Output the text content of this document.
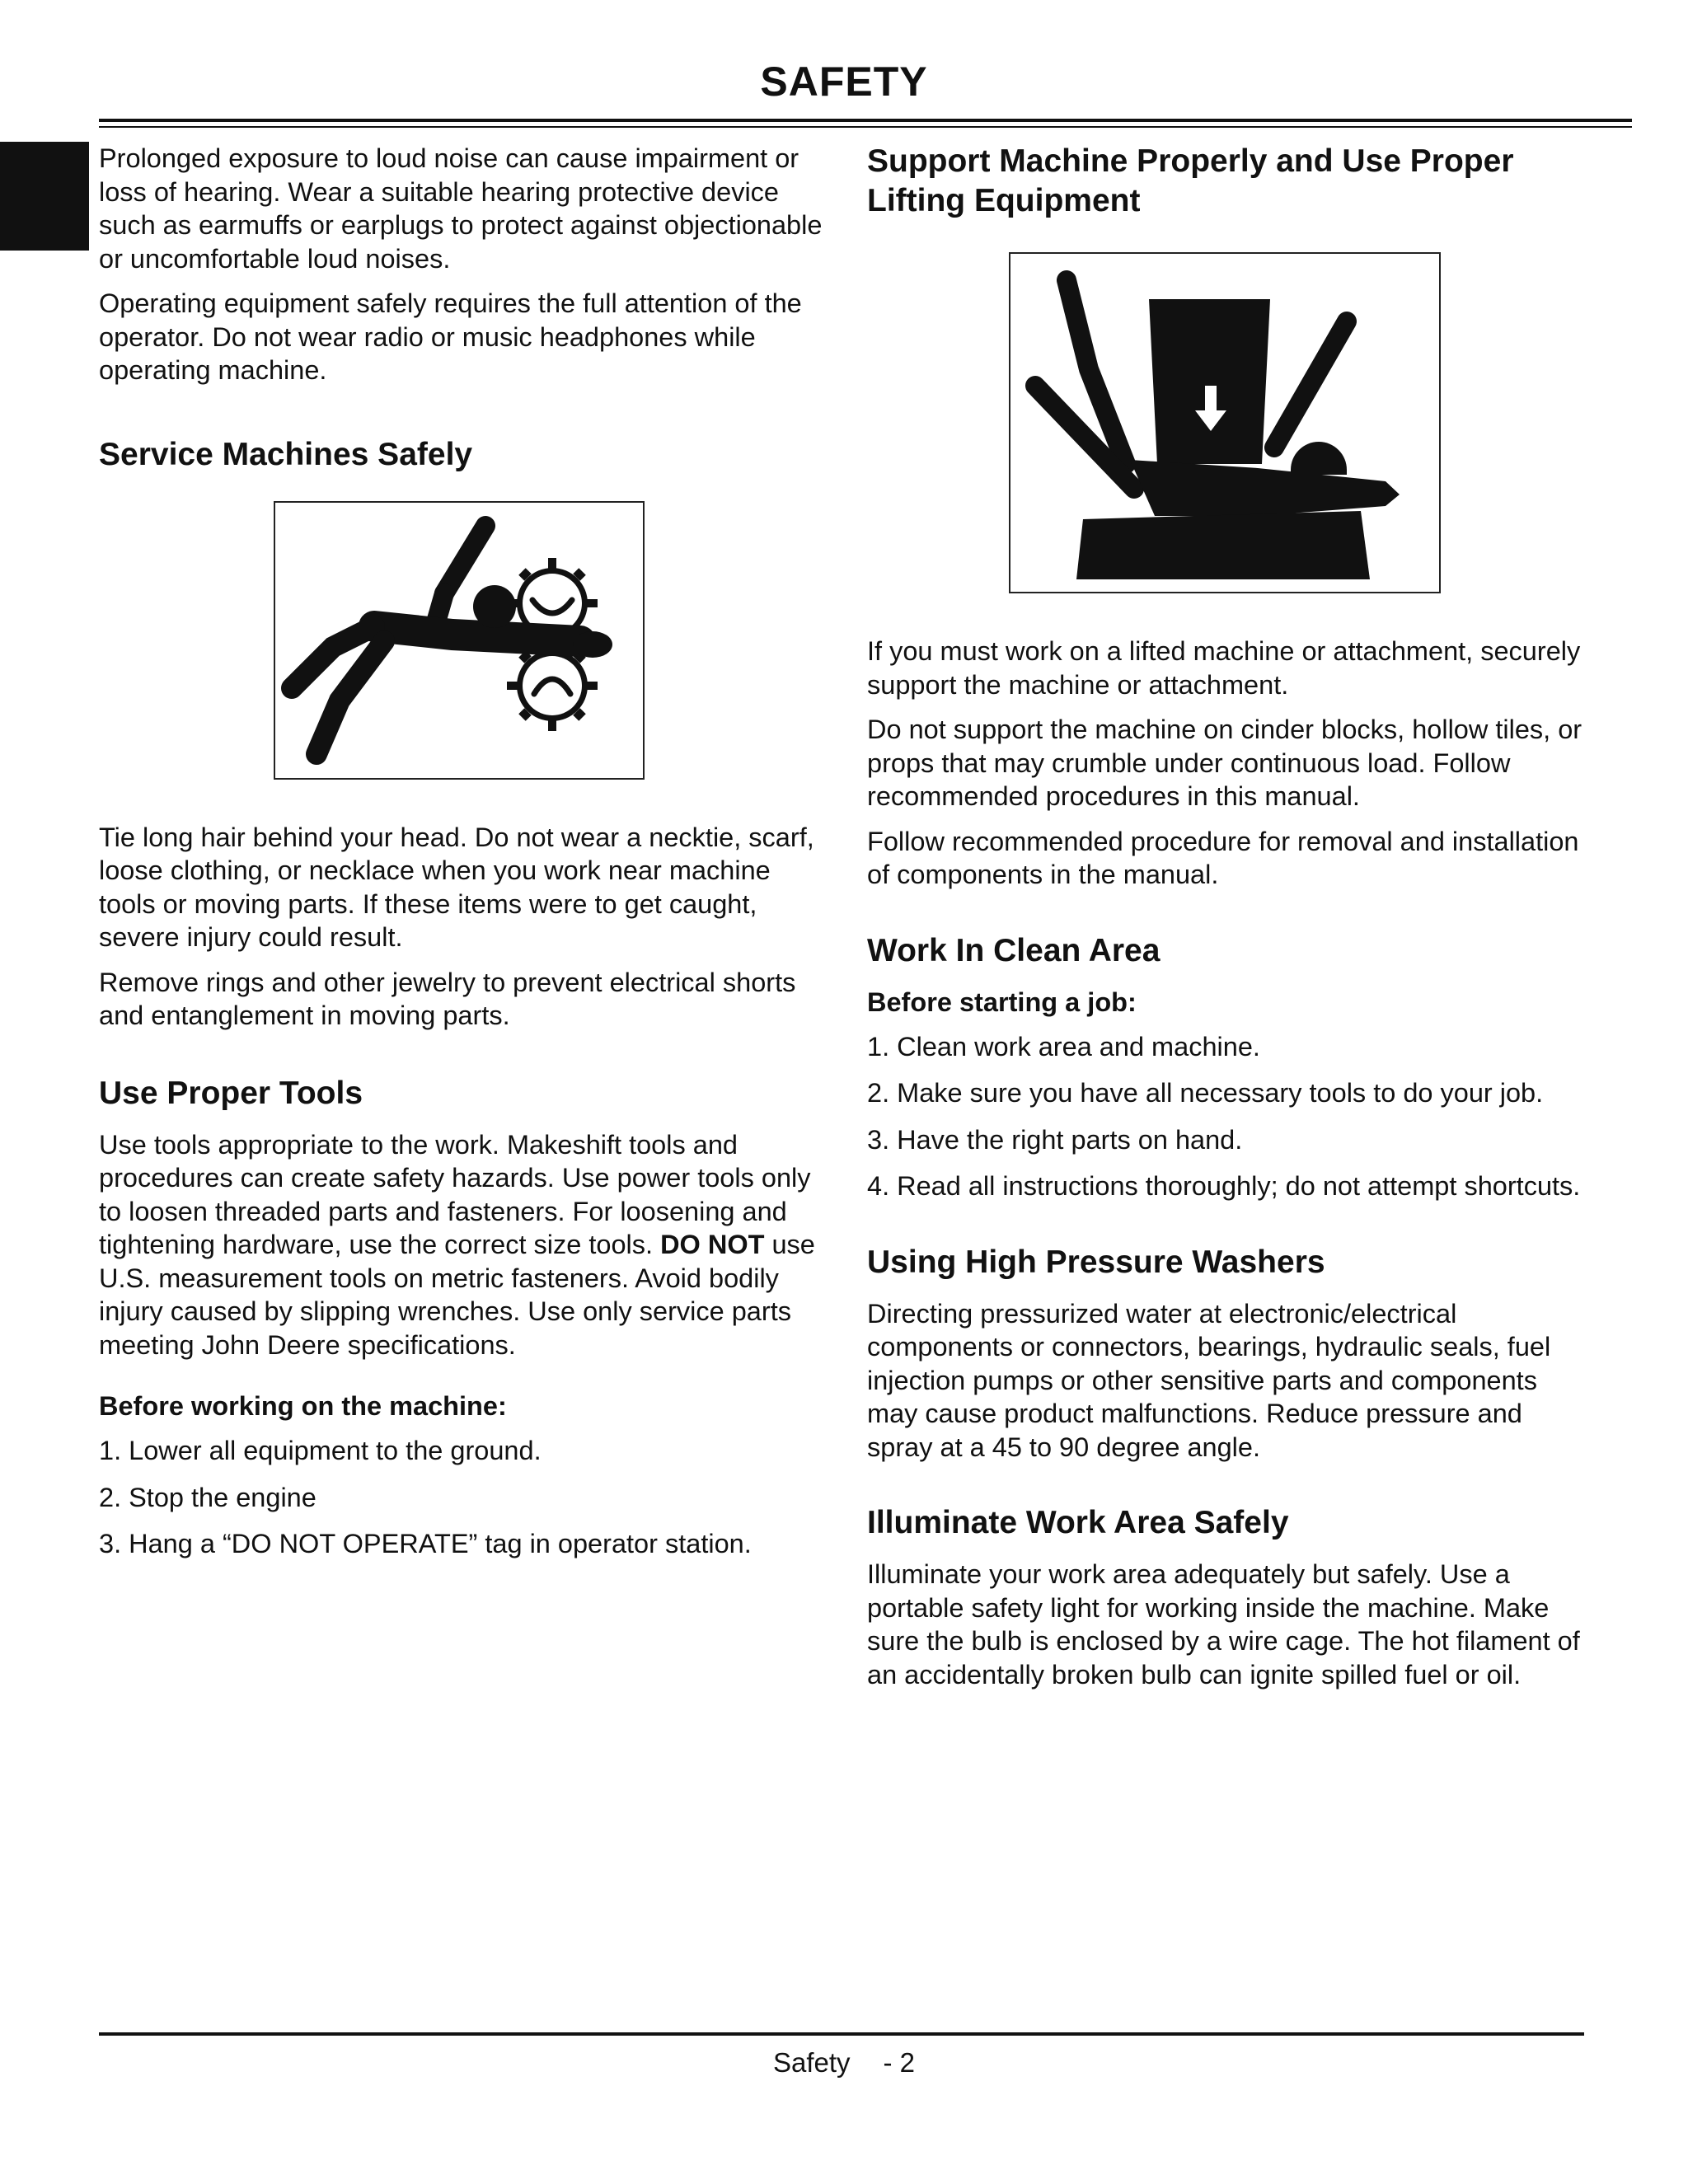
SAFETY

Prolonged exposure to loud noise can cause impairment or loss of hearing. Wear a suitable hearing protective device such as earmuffs or earplugs to protect against objectionable or uncomfortable loud noises.

Operating equipment safely requires the full attention of the operator. Do not wear radio or music headphones while operating machine.

Service Machines Safely

Tie long hair behind your head. Do not wear a necktie, scarf, loose clothing, or necklace when you work near machine tools or moving parts. If these items were to get caught, severe injury could result.

Remove rings and other jewelry to prevent electrical shorts and entanglement in moving parts.

Use Proper Tools

Use tools appropriate to the work. Makeshift tools and procedures can create safety hazards. Use power tools only to loosen threaded parts and fasteners. For loosening and tightening hardware, use the correct size tools. DO NOT use U.S. measurement tools on metric fasteners. Avoid bodily injury caused by slipping wrenches. Use only service parts meeting John Deere specifications.

Before working on the machine:

1. Lower all equipment to the ground.

2. Stop the engine

3. Hang a “DO NOT OPERATE” tag in operator station.

Support Machine Properly and Use Proper Lifting Equipment

If you must work on a lifted machine or attachment, securely support the machine or attachment.

Do not support the machine on cinder blocks, hollow tiles, or props that may crumble under continuous load. Follow recommended procedures in this manual.

Follow recommended procedure for removal and installation of components in the manual.

Work In Clean Area
Before starting a job:

1. Clean work area and machine.

2. Make sure you have all necessary tools to do your job.

3. Have the right parts on hand.

4. Read all instructions thoroughly; do not attempt shortcuts.

Using High Pressure Washers

Directing pressurized water at electronic/electrical components or connectors, bearings, hydraulic seals, fuel injection pumps or other sensitive parts and components may cause product malfunctions. Reduce pressure and spray at a 45 to 90 degree angle.

Illuminate Work Area Safely

Illuminate your work area adequately but safely. Use a portable safety light for working inside the machine. Make sure the bulb is enclosed by a wire cage. The hot filament of an accidentally broken bulb can ignite spilled fuel or oil.

Safety - 2
